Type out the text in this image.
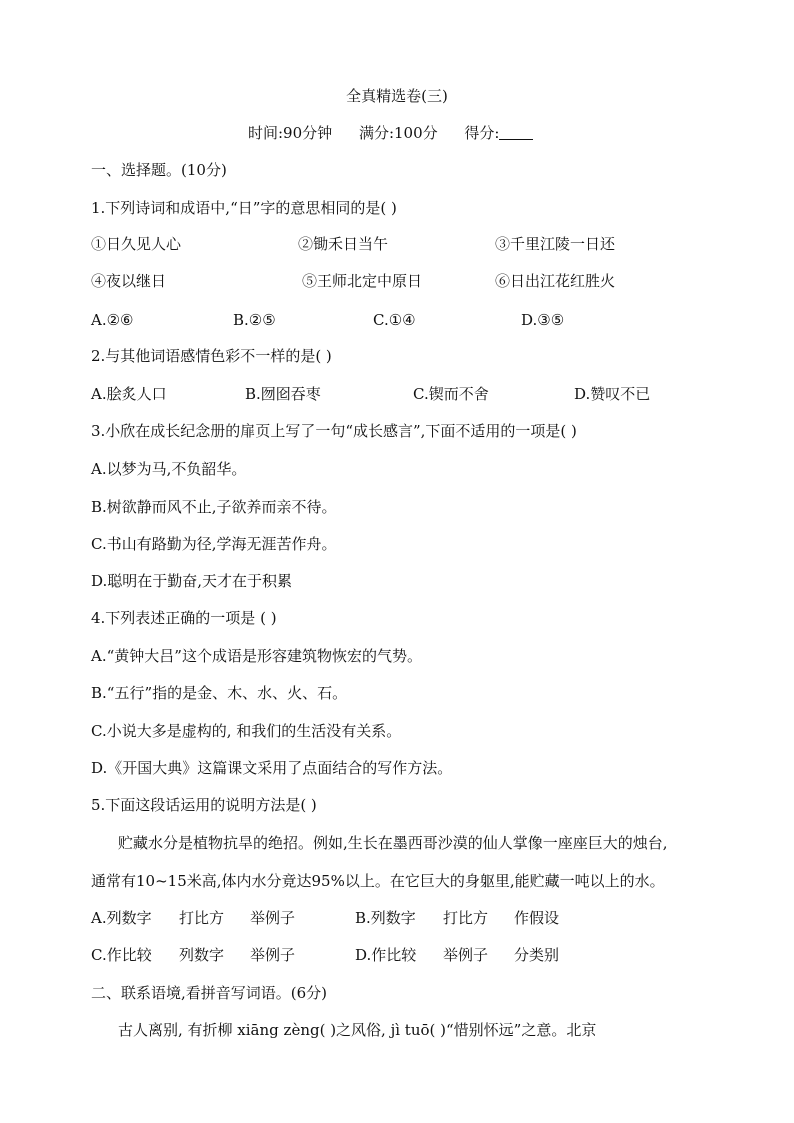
全真精选卷(三)
时间:90分钟 满分:100分 得分:
一、选择题。(10分)
1.下列诗词和成语中,“日”字的意思相同的是( )
①日久见人心	②锄禾日当午	③千里江陵一日还
④夜以继日	⑤王师北定中原日	⑥日出江花红胜火
A.②⑥	B.②⑤	C.①④	D.③⑤
2.与其他词语感情色彩不一样的是( )
A.脍炙人口	B.囫囵吞枣	C.锲而不舍	D.赞叹不已
3.小欣在成长纪念册的扉页上写了一句“成长感言”,下面不适用的一项是( )
A.以梦为马,不负韶华。
B.树欲静而风不止,子欲养而亲不待。
C.书山有路勤为径,学海无涯苦作舟。
D.聪明在于勤奋,天才在于积累
4.下列表述正确的一项是 ( )
A.“黄钟大吕”这个成语是形容建筑物恢宏的气势。
B.“五行”指的是金、木、水、火、石。
C.小说大多是虚构的, 和我们的生活没有关系。
D.《开国大典》这篇课文采用了点面结合的写作方法。
5.下面这段话运用的说明方法是( )
贮藏水分是植物抗旱的绝招。例如,生长在墨西哥沙漠的仙人掌像一座座巨大的烛台,
通常有10~15米高,体内水分竟达95%以上。在它巨大的身躯里,能贮藏一吨以上的水。
A.列数字 打比方 举例子	B.列数字 打比方 作假设
C.作比较 列数字 举例子	D.作比较 举例子 分类别
二、联系语境,看拼音写词语。(6分)
古人离别, 有折柳 xiāng zèng( )之风俗, jì tuō( )“惜别怀远”之意。北京
